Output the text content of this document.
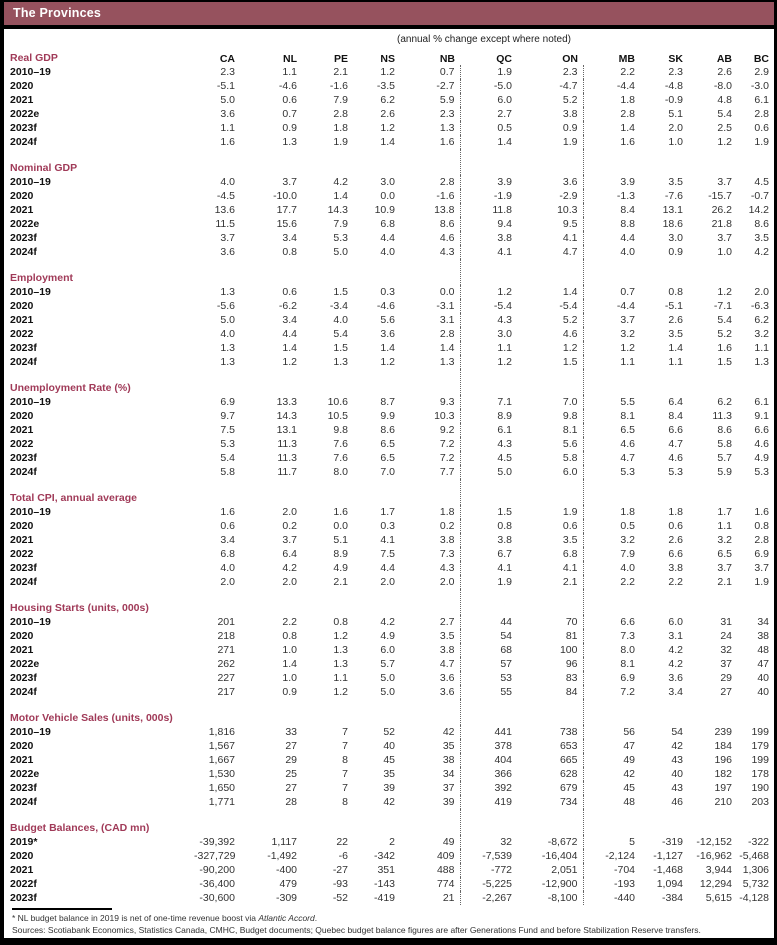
The Provinces
(annual % change except where noted)
Real GDP	CA	NL	PE	NS	NB	QC	ON	MB	SK	AB	BC
2010–19	2.3	1.1	2.1	1.2	0.7	1.9	2.3	2.2	2.3	2.6	2.9
2020	-5.1	-4.6	-1.6	-3.5	-2.7	-5.0	-4.7	-4.4	-4.8	-8.0	-3.0
2021	5.0	0.6	7.9	6.2	5.9	6.0	5.2	1.8	-0.9	4.8	6.1
2022e	3.6	0.7	2.8	2.6	2.3	2.7	3.8	2.8	5.1	5.4	2.8
2023f	1.1	0.9	1.8	1.2	1.3	0.5	0.9	1.4	2.0	2.5	0.6
2024f	1.6	1.3	1.9	1.4	1.6	1.4	1.9	1.6	1.0	1.2	1.9
Nominal GDP											
2010–19	4.0	3.7	4.2	3.0	2.8	3.9	3.6	3.9	3.5	3.7	4.5
2020	-4.5	-10.0	1.4	0.0	-1.6	-1.9	-2.9	-1.3	-7.6	-15.7	-0.7
2021	13.6	17.7	14.3	10.9	13.8	11.8	10.3	8.4	13.1	26.2	14.2
2022e	11.5	15.6	7.9	6.8	8.6	9.4	9.5	8.8	18.6	21.8	8.6
2023f	3.7	3.4	5.3	4.4	4.6	3.8	4.1	4.4	3.0	3.7	3.5
2024f	3.6	0.8	5.0	4.0	4.3	4.1	4.7	4.0	0.9	1.0	4.2
Employment											
2010–19	1.3	0.6	1.5	0.3	0.0	1.2	1.4	0.7	0.8	1.2	2.0
2020	-5.6	-6.2	-3.4	-4.6	-3.1	-5.4	-5.4	-4.4	-5.1	-7.1	-6.3
2021	5.0	3.4	4.0	5.6	3.1	4.3	5.2	3.7	2.6	5.4	6.2
2022	4.0	4.4	5.4	3.6	2.8	3.0	4.6	3.2	3.5	5.2	3.2
2023f	1.3	1.4	1.5	1.4	1.4	1.1	1.2	1.2	1.4	1.6	1.1
2024f	1.3	1.2	1.3	1.2	1.3	1.2	1.5	1.1	1.1	1.5	1.3
Unemployment Rate (%)											
2010–19	6.9	13.3	10.6	8.7	9.3	7.1	7.0	5.5	6.4	6.2	6.1
2020	9.7	14.3	10.5	9.9	10.3	8.9	9.8	8.1	8.4	11.3	9.1
2021	7.5	13.1	9.8	8.6	9.2	6.1	8.1	6.5	6.6	8.6	6.6
2022	5.3	11.3	7.6	6.5	7.2	4.3	5.6	4.6	4.7	5.8	4.6
2023f	5.4	11.3	7.6	6.5	7.2	4.5	5.8	4.7	4.6	5.7	4.9
2024f	5.8	11.7	8.0	7.0	7.7	5.0	6.0	5.3	5.3	5.9	5.3
Total CPI, annual average											
2010–19	1.6	2.0	1.6	1.7	1.8	1.5	1.9	1.8	1.8	1.7	1.6
2020	0.6	0.2	0.0	0.3	0.2	0.8	0.6	0.5	0.6	1.1	0.8
2021	3.4	3.7	5.1	4.1	3.8	3.8	3.5	3.2	2.6	3.2	2.8
2022	6.8	6.4	8.9	7.5	7.3	6.7	6.8	7.9	6.6	6.5	6.9
2023f	4.0	4.2	4.9	4.4	4.3	4.1	4.1	4.0	3.8	3.7	3.7
2024f	2.0	2.0	2.1	2.0	2.0	1.9	2.1	2.2	2.2	2.1	1.9
Housing Starts (units, 000s)											
2010–19	201	2.2	0.8	4.2	2.7	44	70	6.6	6.0	31	34
2020	218	0.8	1.2	4.9	3.5	54	81	7.3	3.1	24	38
2021	271	1.0	1.3	6.0	3.8	68	100	8.0	4.2	32	48
2022e	262	1.4	1.3	5.7	4.7	57	96	8.1	4.2	37	47
2023f	227	1.0	1.1	5.0	3.6	53	83	6.9	3.6	29	40
2024f	217	0.9	1.2	5.0	3.6	55	84	7.2	3.4	27	40
Motor Vehicle Sales (units, 000s)											
2010–19	1,816	33	7	52	42	441	738	56	54	239	199
2020	1,567	27	7	40	35	378	653	47	42	184	179
2021	1,667	29	8	45	38	404	665	49	43	196	199
2022e	1,530	25	7	35	34	366	628	42	40	182	178
2023f	1,650	27	7	39	37	392	679	45	43	197	190
2024f	1,771	28	8	42	39	419	734	48	46	210	203
Budget Balances, (CAD mn)											
2019*	-39,392	1,117	22	2	49	32	-8,672	5	-319	-12,152	-322
2020	-327,729	-1,492	-6	-342	409	-7,539	-16,404	-2,124	-1,127	-16,962	-5,468
2021	-90,200	-400	-27	351	488	-772	2,051	-704	-1,468	3,944	1,306
2022f	-36,400	479	-93	-143	774	-5,225	-12,900	-193	1,094	12,294	5,732
2023f	-30,600	-309	-52	-419	21	-2,267	-8,100	-440	-384	5,615	-4,128
* NL budget balance in 2019 is net of one-time revenue boost via Atlantic Accord.
Sources: Scotiabank Economics, Statistics Canada, CMHC, Budget documents; Quebec budget balance figures are after Generations Fund and before Stabilization Reserve transfers.
